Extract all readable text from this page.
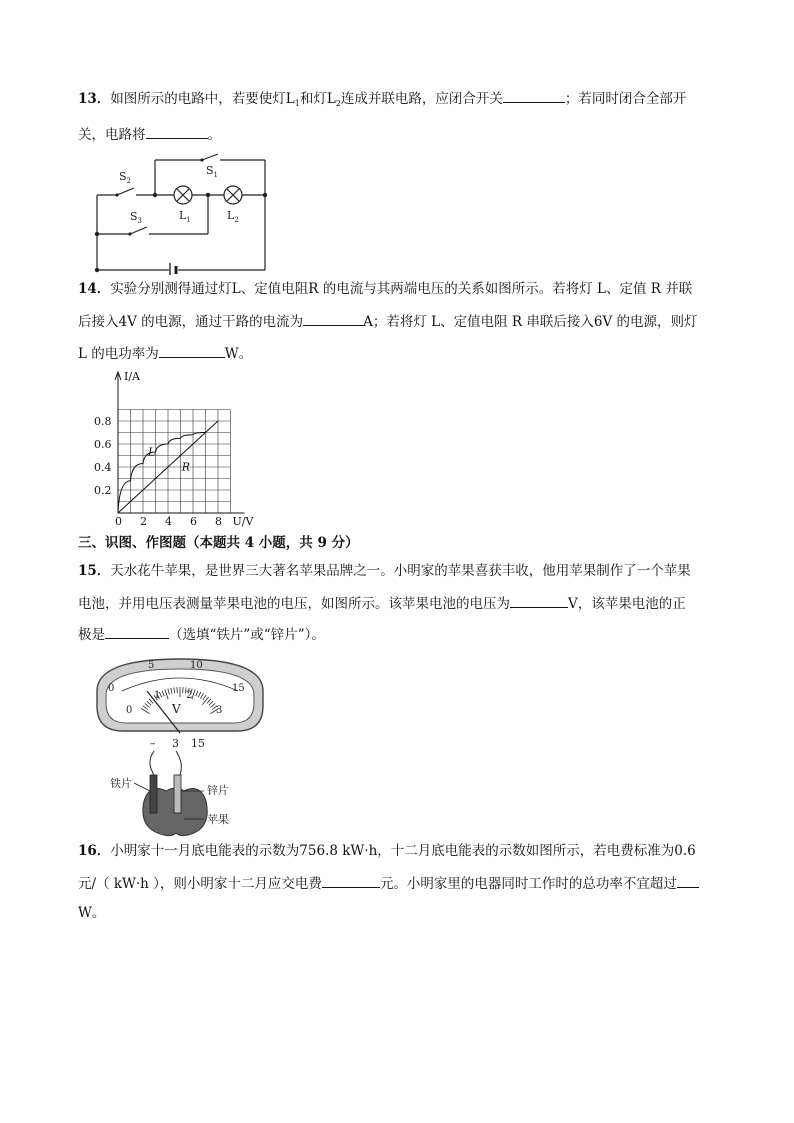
13．如图所示的电路中，若要使灯$L_1$和灯$L_2$连成并联电路，应闭合开关	；若同时闭合全部开
关，电路将	。
$S_1$
$S_2$
$S_3$	$L_1$	$L_2$
14．实验分别测得通过灯L、定值电阻R 的电流与其两端电压的关系如图所示。若将灯 L、定值 R 并联
后接入4V 的电源，通过干路的电流为	A；若将灯 L、定值电阻 R 串联后接入6V 的电源，则灯
L 的电功率为	W。
0 2 4 6 8
0.2
0.4
0.6
0.8
I/A
U/V
L
R
三、识图、作图题（本题共 4 小题，共 9 分）
15．天水花牛苹果，是世界三大著名苹果品牌之一。小明家的苹果喜获丰收，他用苹果制作了一个苹果
电池，并用电压表测量苹果电池的电压，如图所示。该苹果电池的电压为	V，该苹果电池的正
极是	（选填“铁片”或“锌片”）。
0
5	10
15
0
1	2
3
V
– 3 15
铁片
锌片
苹果
16．小明家十一月底电能表的示数为756.8 kW·h，十二月底电能表的示数如图所示，若电费标准为0.6
元/（ kW·h ），则小明家十二月应交电费	元。小明家里的电器同时工作时的总功率不宜超过
W。
